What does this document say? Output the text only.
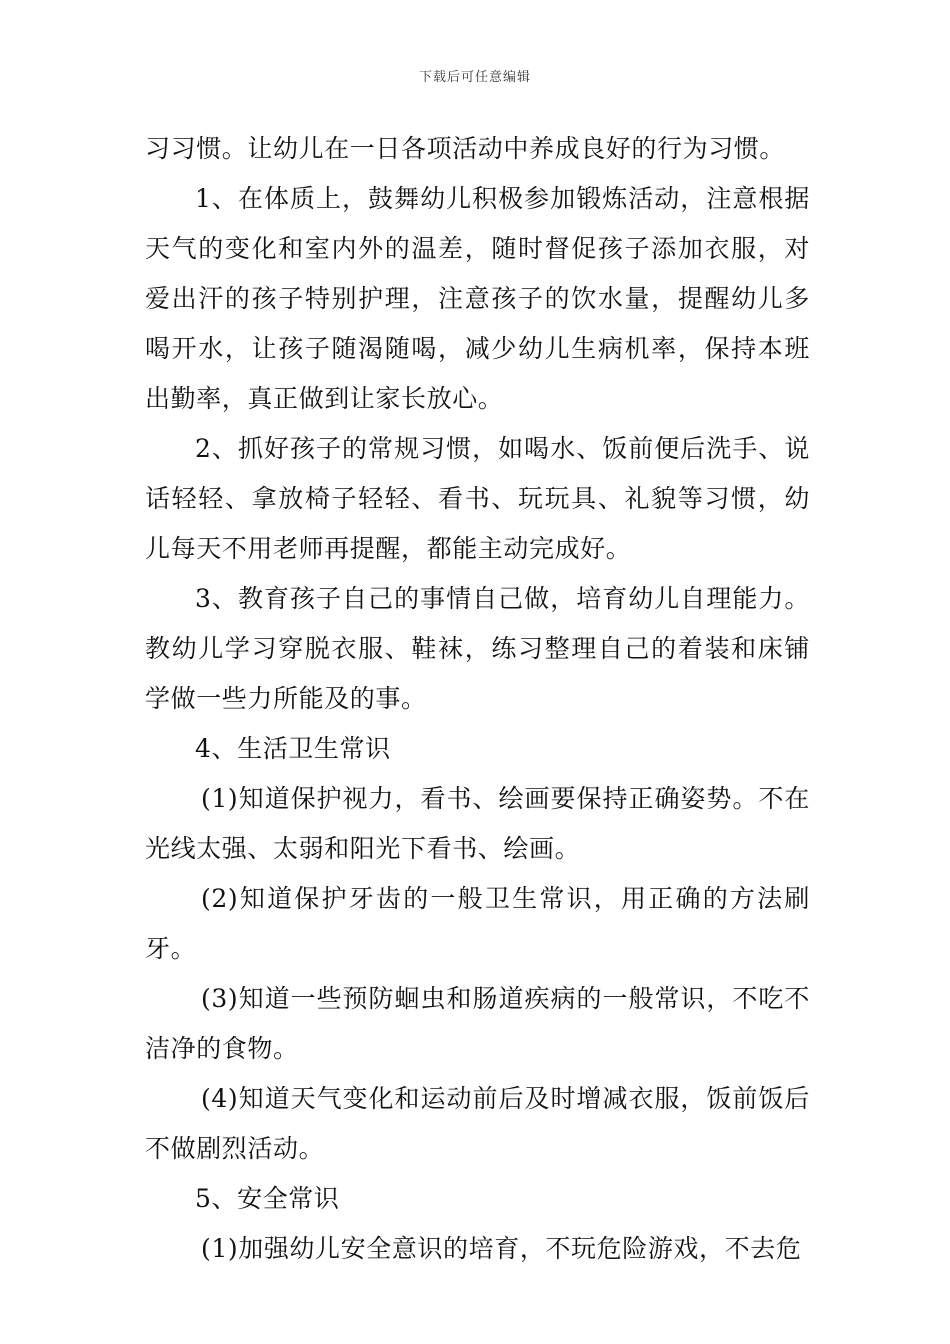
下载后可任意编辑

习习惯。让幼儿在一日各项活动中养成良好的行为习惯。

1、在体质上，鼓舞幼儿积极参加锻炼活动，注意根据天气的变化和室内外的温差，随时督促孩子添加衣服，对爱出汗的孩子特别护理，注意孩子的饮水量，提醒幼儿多喝开水，让孩子随渴随喝，减少幼儿生病机率，保持本班出勤率，真正做到让家长放心。

2、抓好孩子的常规习惯，如喝水、饭前便后洗手、说话轻轻、拿放椅子轻轻、看书、玩玩具、礼貌等习惯，幼儿每天不用老师再提醒，都能主动完成好。

3、教育孩子自己的事情自己做，培育幼儿自理能力。教幼儿学习穿脱衣服、鞋袜，练习整理自己的着装和床铺学做一些力所能及的事。

4、生活卫生常识

(1)知道保护视力，看书、绘画要保持正确姿势。不在光线太强、太弱和阳光下看书、绘画。

(2)知道保护牙齿的一般卫生常识，用正确的方法刷牙。

(3)知道一些预防蛔虫和肠道疾病的一般常识，不吃不洁净的食物。

(4)知道天气变化和运动前后及时增减衣服，饭前饭后不做剧烈活动。

5、安全常识

(1)加强幼儿安全意识的培育，不玩危险游戏，不去危
